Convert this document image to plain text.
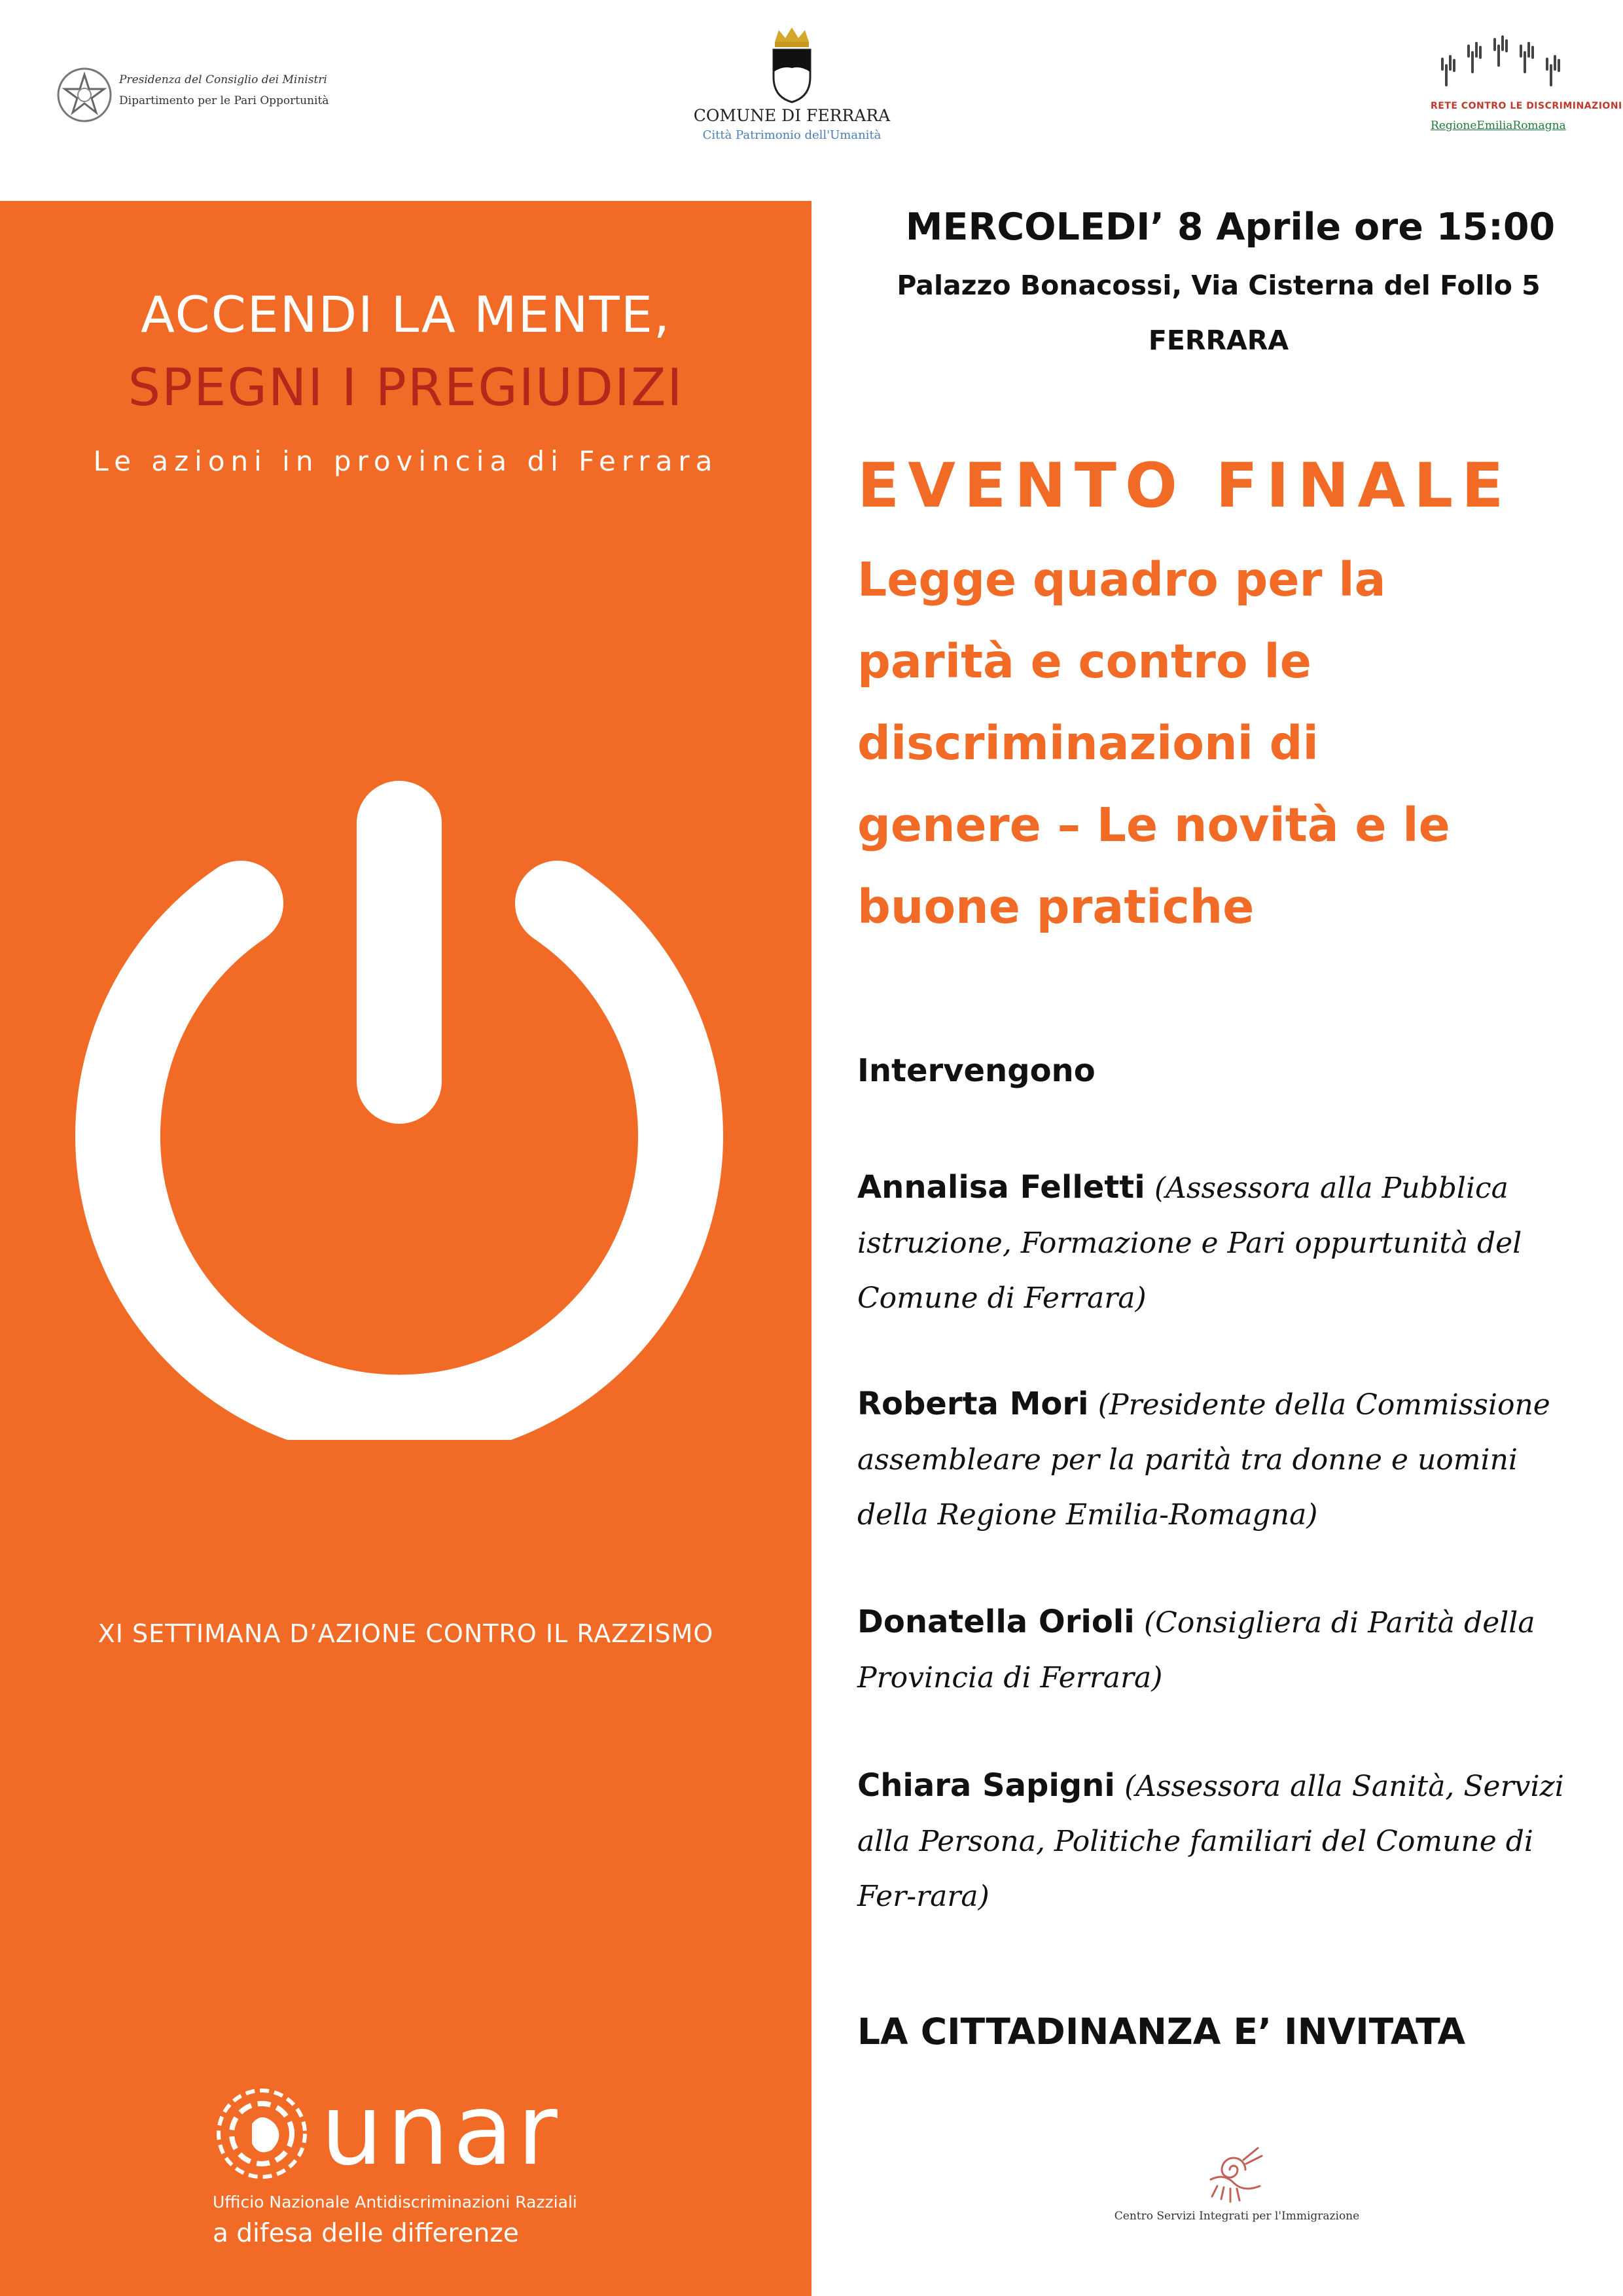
Presidenza del Consiglio dei Ministri
Dipartimento per le Pari Opportunità
COMUNE DI FERRARA
Città Patrimonio dell'Umanità
RETE CONTRO LE DISCRIMINAZIONI
RegioneEmiliaRomagna
ACCENDI LA MENTE,
SPEGNI I PREGIUDIZI
Le azioni in provincia di Ferrara
XI SETTIMANA D’AZIONE CONTRO IL RAZZISMO
unar
Ufficio Nazionale Antidiscriminazioni Razziali
a difesa delle differenze
MERCOLEDI’ 8 Aprile ore 15:00
Palazzo Bonacossi, Via Cisterna del Follo 5
FERRARA
EVENTO FINALE
Legge quadro per la
parità e contro le
discriminazioni di
genere – Le novità e le
buone pratiche
Intervengono
Annalisa Felletti (Assessora alla Pubblica istruzione, Formazione e Pari oppurtunità del Comune di Ferrara)
Roberta Mori (Presidente della Commissione assembleare per la parità tra donne e uomini della Regione Emilia-Romagna)
Donatella Orioli (Consigliera di Parità della Provincia di Ferrara)
Chiara Sapigni (Assessora alla Sanità, Servizi alla Persona, Politiche familiari del Comune di Fer-rara)
LA CITTADINANZA E’ INVITATA
Centro Servizi Integrati per l'Immigrazione
